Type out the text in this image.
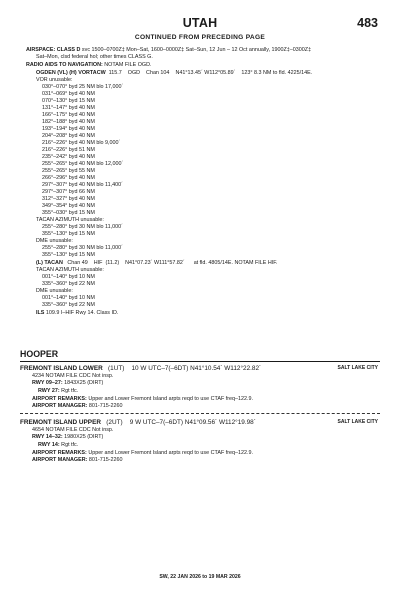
UTAH	483
CONTINUED FROM PRECEDING PAGE
AIRSPACE: CLASS D svc 1500–0700Z‡ Mon–Sat, 1600–0000Z‡ Sat–Sun, 12 Jun – 12 Oct annually, 1900Z‡–0300Z‡
Sat–Mon, clsd federal hol; other times CLASS G.
RADIO AIDS TO NAVIGATION: NOTAM FILE OGD.
OGDEN (VL) (H) VORTACW 115.7 OGD Chan 104 N41°13.45´ W112°05.89´ 123° 8.3 NM to fld. 4225/14E.
VOR unusable:
030°–070° byd 25 NM blo 17,000´
031°–069° byd 40 NM
070°–130° byd 15 NM
131°–147° byd 40 NM
166°–175° byd 40 NM
182°–188° byd 40 NM
193°–194° byd 40 NM
204°–208° byd 40 NM
216°–226° byd 40 NM blo 9,000´
216°–226° byd 51 NM
235°–242° byd 40 NM
255°–265° byd 40 NM blo 12,000´
255°–265° byd 55 NM
266°–296° byd 40 NM
297°–307° byd 40 NM blo 11,400´
297°–307° byd 66 NM
312°–327° byd 40 NM
349°–354° byd 40 NM
355°–030° byd 15 NM
TACAN AZIMUTH unusable:
255°–280° byd 30 NM blo 11,000´
355°–130° byd 15 NM
DME unusable:
255°–280° byd 30 NM blo 11,000´
355°–130° byd 15 NM
(L) TACAN Chan 49 HIF (11.2) N41°07.23´ W111°57.82´ at fld. 4805/14E. NOTAM FILE HIF.
TACAN AZIMUTH unusable:
001°–140° byd 10 NM
335°–360° byd 22 NM
DME unusable:
001°–140° byd 10 NM
335°–360° byd 22 NM
ILS 109.9 I–HIF Rwy 14. Class ID.
HOOPER
FREMONT ISLAND LOWER (1UT) 10 W UTC–7(–6DT) N41°10.54´ W112°22.82´	SALT LAKE CITY
4234 NOTAM FILE CDC Not insp.
RWY 09–27: 1843X25 (DIRT)
RWY 27: Rgt tfc.
AIRPORT REMARKS: Upper and Lower Fremont Island arpts reqd to use CTAF freq–122.9.
AIRPORT MANAGER: 801-715-2260
FREMONT ISLAND UPPER (2UT) 9 W UTC–7(–6DT) N41°09.56´ W112°19.98´	SALT LAKE CITY
4654 NOTAM FILE CDC Not insp.
RWY 14–32: 1980X25 (DIRT)
RWY 14: Rgt tfc.
AIRPORT REMARKS: Upper and Lower Fremont Island arpts reqd to use CTAF freq–122.9.
AIRPORT MANAGER: 801-715-2260
SW, 22 JAN 2026 to 19 MAR 2026
